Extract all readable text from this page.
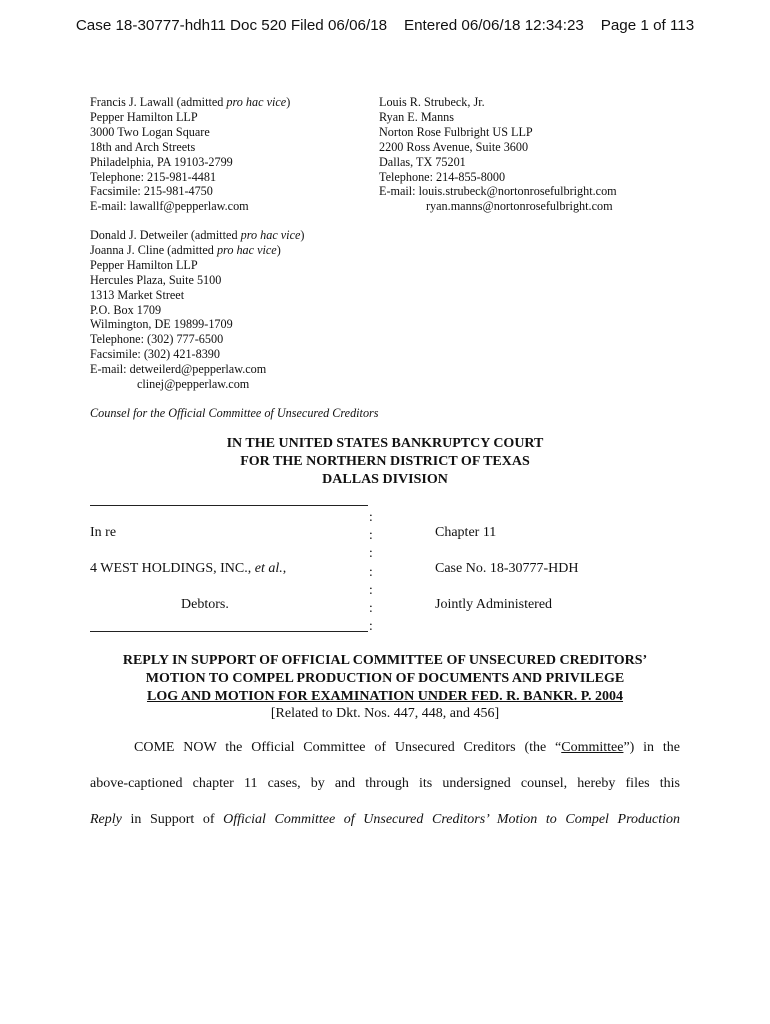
Case 18-30777-hdh11 Doc 520 Filed 06/06/18    Entered 06/06/18 12:34:23    Page 1 of 113
Francis J. Lawall (admitted pro hac vice)
Pepper Hamilton LLP
3000 Two Logan Square
18th and Arch Streets
Philadelphia, PA 19103-2799
Telephone: 215-981-4481
Facsimile: 215-981-4750
E-mail: lawallf@pepperlaw.com
Louis R. Strubeck, Jr.
Ryan E. Manns
Norton Rose Fulbright US LLP
2200 Ross Avenue, Suite 3600
Dallas, TX 75201
Telephone: 214-855-8000
E-mail: louis.strubeck@nortonrosefulbright.com
ryan.manns@nortonrosefulbright.com
Donald J. Detweiler (admitted pro hac vice)
Joanna J. Cline (admitted pro hac vice)
Pepper Hamilton LLP
Hercules Plaza, Suite 5100
1313 Market Street
P.O. Box 1709
Wilmington, DE 19899-1709
Telephone: (302) 777-6500
Facsimile: (302) 421-8390
E-mail: detweilerd@pepperlaw.com
clinej@pepperlaw.com
Counsel for the Official Committee of Unsecured Creditors
IN THE UNITED STATES BANKRUPTCY COURT
FOR THE NORTHERN DISTRICT OF TEXAS
DALLAS DIVISION
:
:
:
:
:
:
:
In re
4 WEST HOLDINGS, INC., et al.,
Debtors.
Chapter 11
Case No. 18-30777-HDH
Jointly Administered
REPLY IN SUPPORT OF OFFICIAL COMMITTEE OF UNSECURED CREDITORS’
MOTION TO COMPEL PRODUCTION OF DOCUMENTS AND PRIVILEGE
LOG AND MOTION FOR EXAMINATION UNDER FED. R. BANKR. P. 2004
[Related to Dkt. Nos. 447, 448, and 456]
COME NOW the Official Committee of Unsecured Creditors (the “Committee”) in the
above-captioned chapter 11 cases, by and through its undersigned counsel, hereby files this
Reply in Support of Official Committee of Unsecured Creditors’ Motion to Compel Production
